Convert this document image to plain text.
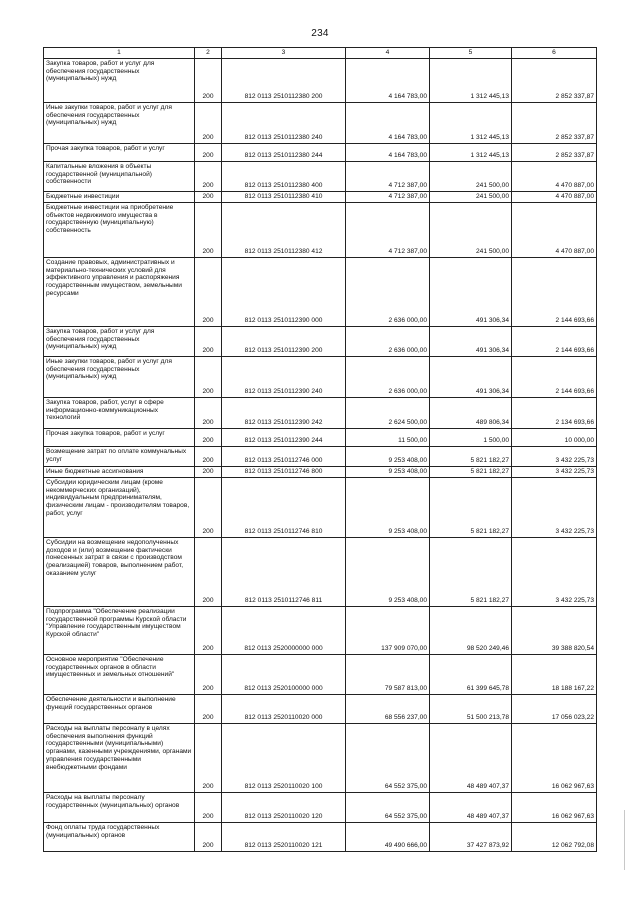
234
1	2	3	4	5	6
Закупка товаров, работ и услуг для обеспечения государственных (муниципальных) нужд	200	812 0113 2510112380 200	4 164 783,00	1 312 445,13	2 852 337,87
Иные закупки товаров, работ и услуг для обеспечения государственных (муниципальных) нужд	200	812 0113 2510112380 240	4 164 783,00	1 312 445,13	2 852 337,87
Прочая закупка товаров, работ и услуг	200	812 0113 2510112380 244	4 164 783,00	1 312 445,13	2 852 337,87
Капитальные вложения в объекты государственной (муниципальной) собственности	200	812 0113 2510112380 400	4 712 387,00	241 500,00	4 470 887,00
Бюджетные инвестиции	200	812 0113 2510112380 410	4 712 387,00	241 500,00	4 470 887,00
Бюджетные инвестиции на приобретение объектов недвижимого имущества в государственную (муниципальную) собственность	200	812 0113 2510112380 412	4 712 387,00	241 500,00	4 470 887,00
Создание правовых, административных и материально-технических условий для эффективного управления и распоряжения государственным имуществом, земельными ресурсами	200	812 0113 2510112390 000	2 636 000,00	491 306,34	2 144 693,66
Закупка товаров, работ и услуг для обеспечения государственных (муниципальных) нужд	200	812 0113 2510112390 200	2 636 000,00	491 306,34	2 144 693,66
Иные закупки товаров, работ и услуг для обеспечения государственных (муниципальных) нужд	200	812 0113 2510112390 240	2 636 000,00	491 306,34	2 144 693,66
Закупка товаров, работ, услуг в сфере информационно-коммуникационных технологий	200	812 0113 2510112390 242	2 624 500,00	489 806,34	2 134 693,66
Прочая закупка товаров, работ и услуг	200	812 0113 2510112390 244	11 500,00	1 500,00	10 000,00
Возмещение затрат по оплате коммунальных услуг	200	812 0113 2510112746 000	9 253 408,00	5 821 182,27	3 432 225,73
Иные бюджетные ассигнования	200	812 0113 2510112746 800	9 253 408,00	5 821 182,27	3 432 225,73
Субсидии юридическим лицам (кроме некоммерческих организаций), индивидуальным предпринимателям, физическим лицам - производителям товаров, работ, услуг	200	812 0113 2510112746 810	9 253 408,00	5 821 182,27	3 432 225,73
Субсидии на возмещение недополученных доходов и (или) возмещение фактически понесенных затрат в связи с производством (реализацией) товаров, выполнением работ, оказанием услуг	200	812 0113 2510112746 811	9 253 408,00	5 821 182,27	3 432 225,73
Подпрограмма "Обеспечение реализации государственной программы Курской области "Управление государственным имуществом Курской области"	200	812 0113 2520000000 000	137 909 070,00	98 520 249,46	39 388 820,54
Основное мероприятие "Обеспечение государственных органов в области имущественных и земельных отношений"	200	812 0113 2520100000 000	79 587 813,00	61 399 645,78	18 188 167,22
Обеспечение деятельности и выполнение функций государственных органов	200	812 0113 2520110020 000	68 556 237,00	51 500 213,78	17 056 023,22
Расходы на выплаты персоналу в целях обеспечения выполнения функций государственными (муниципальными) органами, казенными учреждениями, органами управления государственными внебюджетными фондами	200	812 0113 2520110020 100	64 552 375,00	48 489 407,37	16 062 967,63
Расходы на выплаты персоналу государственных (муниципальных) органов	200	812 0113 2520110020 120	64 552 375,00	48 489 407,37	16 062 967,63
Фонд оплаты труда государственных (муниципальных) органов	200	812 0113 2520110020 121	49 490 666,00	37 427 873,92	12 062 792,08
